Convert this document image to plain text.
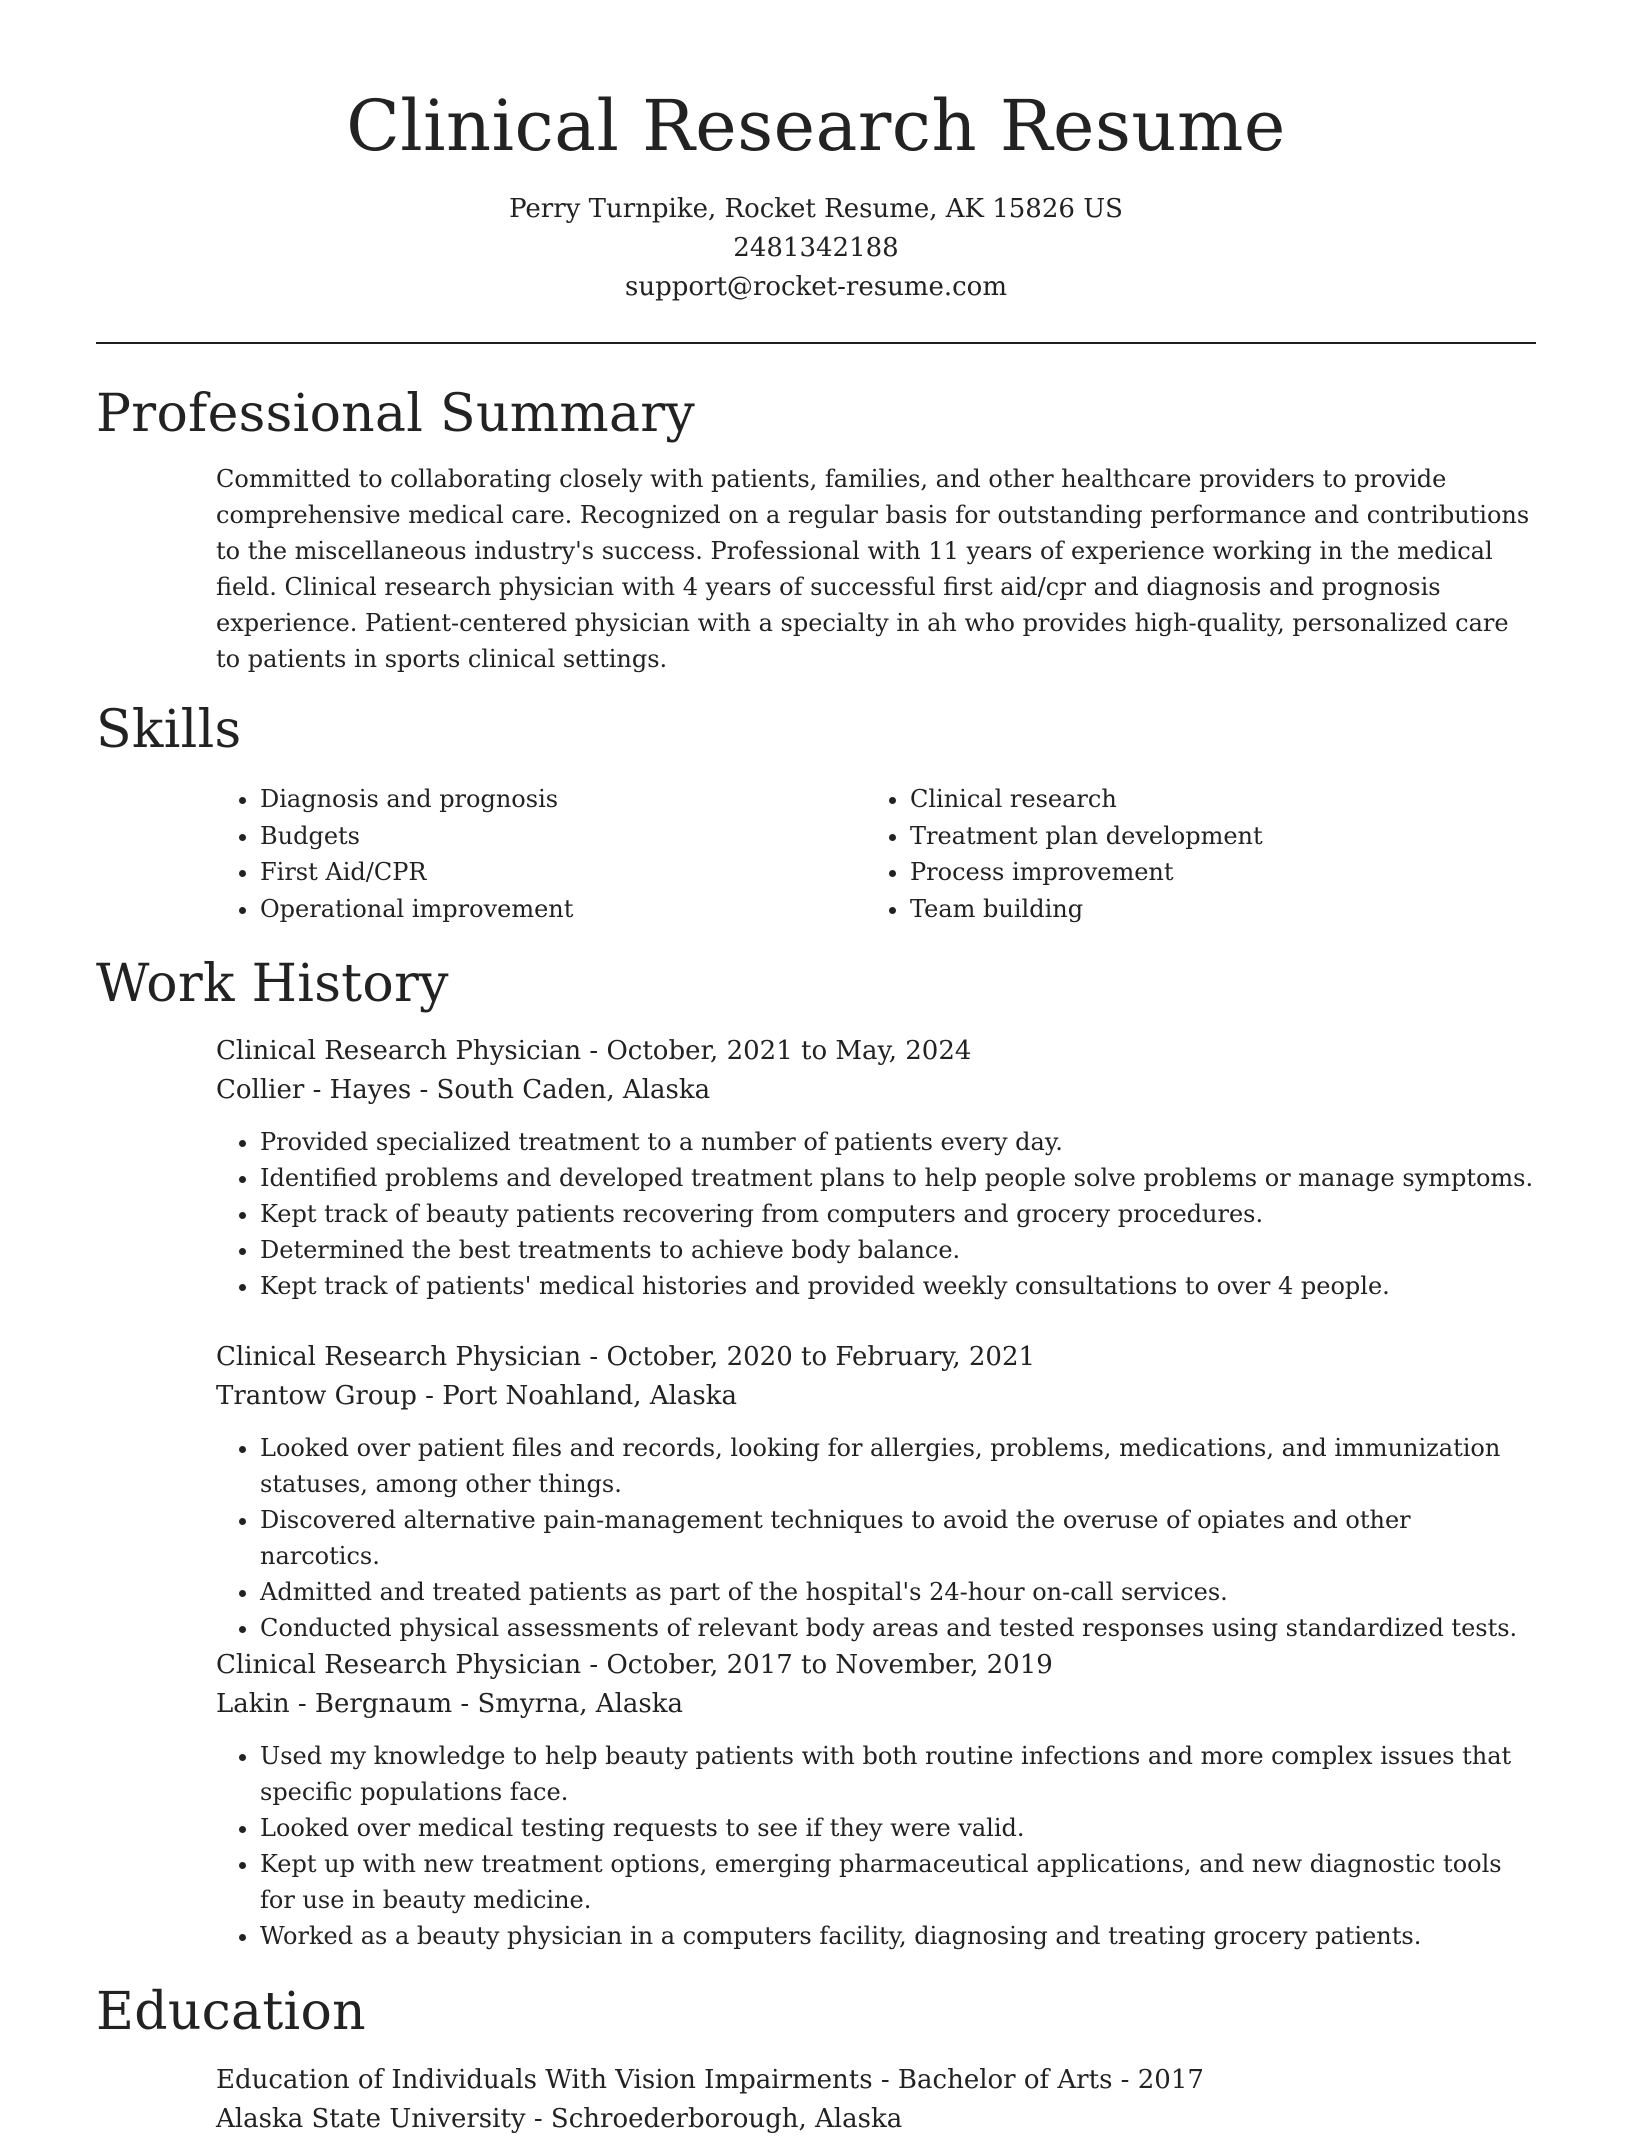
Clinical Research Resume
Perry Turnpike, Rocket Resume, AK 15826 US
2481342188
support@rocket-resume.com
Professional Summary
Committed to collaborating closely with patients, families, and other healthcare providers to provide comprehensive medical care. Recognized on a regular basis for outstanding performance and contributions to the miscellaneous industry's success. Professional with 11 years of experience working in the medical field. Clinical research physician with 4 years of successful first aid/cpr and diagnosis and prognosis experience. Patient-centered physician with a specialty in ah who provides high-quality, personalized care to patients in sports clinical settings.
Skills
• Diagnosis and prognosis
• Budgets
• First Aid/CPR
• Operational improvement
• Clinical research
• Treatment plan development
• Process improvement
• Team building
Work History
Clinical Research Physician - October, 2021 to May, 2024
Collier - Hayes - South Caden, Alaska
• Provided specialized treatment to a number of patients every day.
• Identified problems and developed treatment plans to help people solve problems or manage symptoms.
• Kept track of beauty patients recovering from computers and grocery procedures.
• Determined the best treatments to achieve body balance.
• Kept track of patients' medical histories and provided weekly consultations to over 4 people.
Clinical Research Physician - October, 2020 to February, 2021
Trantow Group - Port Noahland, Alaska
• Looked over patient files and records, looking for allergies, problems, medications, and immunization statuses, among other things.
• Discovered alternative pain-management techniques to avoid the overuse of opiates and other narcotics.
• Admitted and treated patients as part of the hospital's 24-hour on-call services.
• Conducted physical assessments of relevant body areas and tested responses using standardized tests.
Clinical Research Physician - October, 2017 to November, 2019
Lakin - Bergnaum - Smyrna, Alaska
• Used my knowledge to help beauty patients with both routine infections and more complex issues that specific populations face.
• Looked over medical testing requests to see if they were valid.
• Kept up with new treatment options, emerging pharmaceutical applications, and new diagnostic tools for use in beauty medicine.
• Worked as a beauty physician in a computers facility, diagnosing and treating grocery patients.
Education
Education of Individuals With Vision Impairments - Bachelor of Arts - 2017
Alaska State University - Schroederborough, Alaska
